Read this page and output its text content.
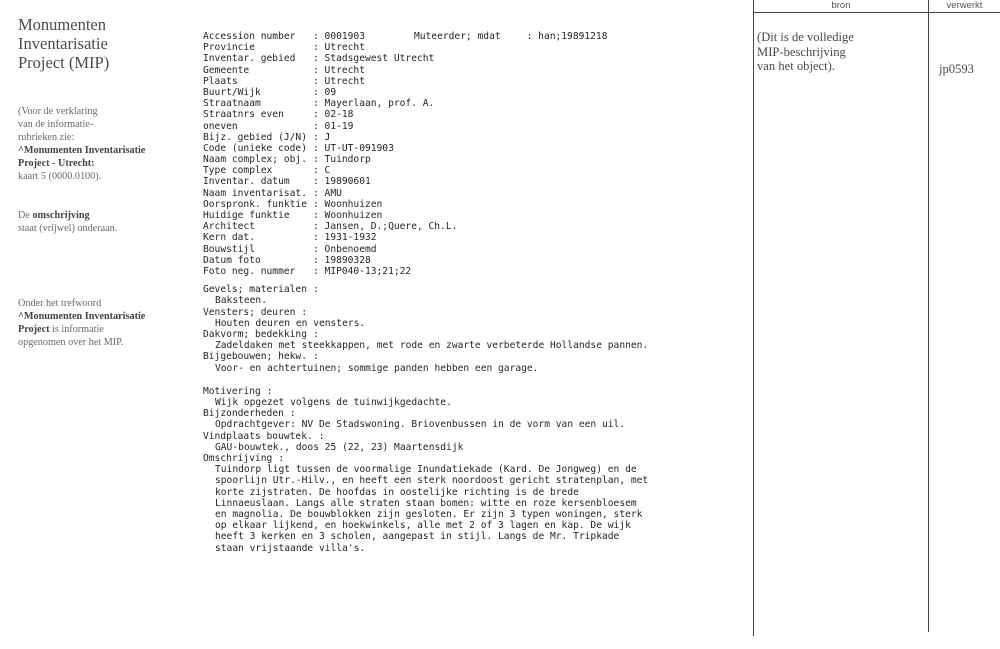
Monumenten
Inventarisatie
Project (MIP)
(Voor de verklaring
van de informatie-
rubrieken zie:
^Monumenten Inventarisatie
Project - Utrecht:
kaart 5 (0000.0100).
De omschrijving
staat (vrijwel) onderaan.
Onder het trefwoord
^Monumenten Inventarisatie
Project is informatie
opgenomen over het MIP.
Accession number	: 0001903	Muteerder; mdat	: han;19891218
Provincie	: Utrecht
Inventar. gebied	: Stadsgewest Utrecht
Gemeente	: Utrecht
Plaats	: Utrecht
Buurt/Wijk	: 09
Straatnaam	: Mayerlaan, prof. A.
Straatnrs even	: 02-18
oneven	: 01-19
Bijz. gebied (J/N) : J
Code (unieke code) : UT-UT-091903
Naam complex; obj. : Tuindorp
Type complex	: C
Inventar. datum	: 19890601
Naam inventarisat. : AMU
Oorspronk. funktie : Woonhuizen
Huidige funktie	: Woonhuizen
Architect	: Jansen, D.;Quere, Ch.L.
Kern dat.	: 1931-1932
Bouwstijl	: Onbenoemd
Datum foto	: 19890328
Foto neg. nummer	: MIP040-13;21;22
Gevels; materialen :
Baksteen.
Vensters; deuren :
Houten deuren en vensters.
Dakvorm; bedekking :
Zadeldaken met steekkappen, met rode en zwarte verbeterde Hollandse pannen.
Bijgebouwen; hekw. :
Voor- en achtertuinen; sommige panden hebben een garage.
Motivering :
Wijk opgezet volgens de tuinwijkgedachte.
Bijzonderheden :
Opdrachtgever: NV De Stadswoning. Briovenbussen in de vorm van een uil.
Vindplaats bouwtek. :
GAU-bouwtek., doos 25 (22, 23) Maartensdijk
Omschrijving :
Tuindorp ligt tussen de voormalige Inundatiekade (Kard. De Jongweg) en de
spoorlijn Utr.-Hilv., en heeft een sterk noordoost gericht stratenplan, met
korte zijstraten. De hoofdas in oostelijke richting is de brede
Linnaeuslaan. Langs alle straten staan bomen: witte en roze kersenbloesem
en magnolia. De bouwblokken zijn gesloten. Er zijn 3 typen woningen, sterk
op elkaar lijkend, en hoekwinkels, alle met 2 of 3 lagen en kap. De wijk
heeft 3 kerken en 3 scholen, aangepast in stijl. Langs de Mr. Tripkade
staan vrijstaande villa's.
bron	verwerkt
(Dit is de volledige
MIP-beschrijving
van het object).	jp0593
